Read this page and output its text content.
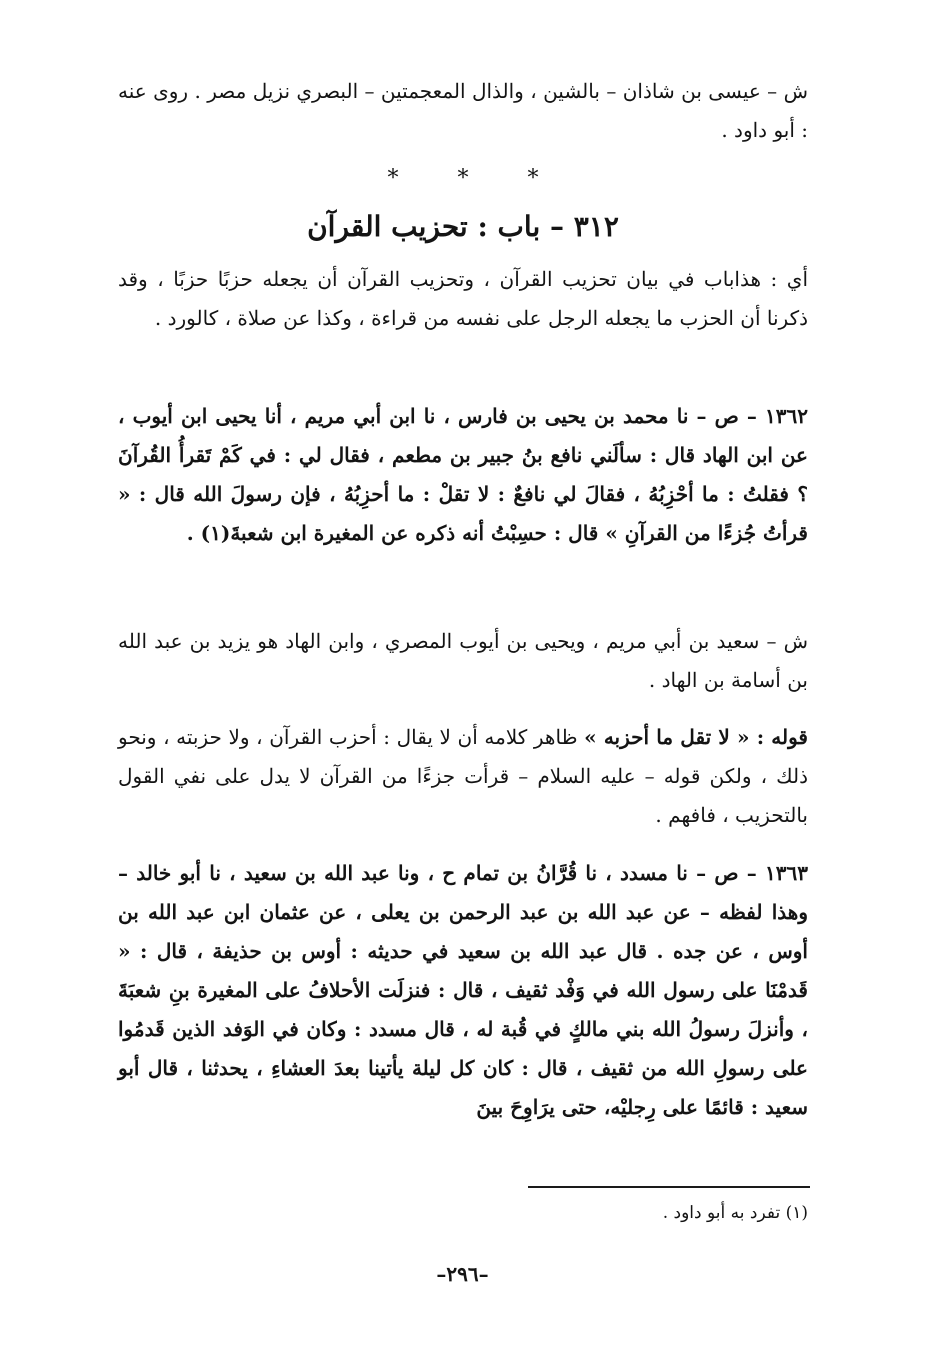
ش – عيسى بن شاذان – بالشين ، والذال المعجمتين – البصري نزيل مصر . روى عنه : أبو داود .
* * *
٣١٢ – باب : تحزيب القرآن
أي : هذاباب في بيان تحزيب القرآن ، وتحزيب القرآن أن يجعله حزبًا حزبًا ، وقد ذكرنا أن الحزب ما يجعله الرجل على نفسه من قراءة ، وكذا عن صلاة ، كالورد .
١٣٦٢ – ص – نا محمد بن يحيى بن فارس ، نا ابن أبي مريم ، أنا يحيى ابن أيوب ، عن ابن الهاد قال : سألَني نافع بنُ جبير بن مطعم ، فقال لي : في كَمْ تَقرأُ القُرآنَ ؟ فقلتُ : ما أحْزِبُهُ ، فقالَ لي نافعٌ : لا تقلْ : ما أحزِبُهُ ، فإن رسولَ الله قال : « قرأتُ جُزءًا من القرآنِ » قال : حسِبْتُ أنه ذكره عن المغيرة ابن شعبةَ(١) .
ش – سعيد بن أبي مريم ، ويحيى بن أيوب المصري ، وابن الهاد هو يزيد بن عبد الله بن أسامة بن الهاد .
قوله : « لا تقل ما أحزبه » ظاهر كلامه أن لا يقال : أحزب القرآن ، ولا حزبته ، ونحو ذلك ، ولكن قوله – عليه السلام – قرأت جزءًا من القرآن لا يدل على نفي القول بالتحزيب ، فافهم .
١٣٦٣ – ص – نا مسدد ، نا قُرَّانُ بن تمام ح ، ونا عبد الله بن سعيد ، نا أبو خالد – وهذا لفظه – عن عبد الله بن عبد الرحمن بن يعلى ، عن عثمان ابن عبد الله بن أوس ، عن جده . قال عبد الله بن سعيد في حديثه : أوس بن حذيفة ، قال : « قَدمْنَا على رسول الله في وَفْد ثقيف ، قال : فنزلَت الأحلافُ على المغيرة بنِ شعبَةَ ، وأنزلَ رسولُ الله بني مالكٍ في قُبة له ، قال مسدد : وكان في الوَفد الذين قَدمُوا على رسولِ الله من ثقيف ، قال : كان كل ليلة يأتينا بعدَ العشاءِ ، يحدثنا ، قال أبو سعيد : قائمًا على رِجليْه، حتى يرَاوِحَ بينَ
(١) تفرد به أبو داود .
–٢٩٦–
